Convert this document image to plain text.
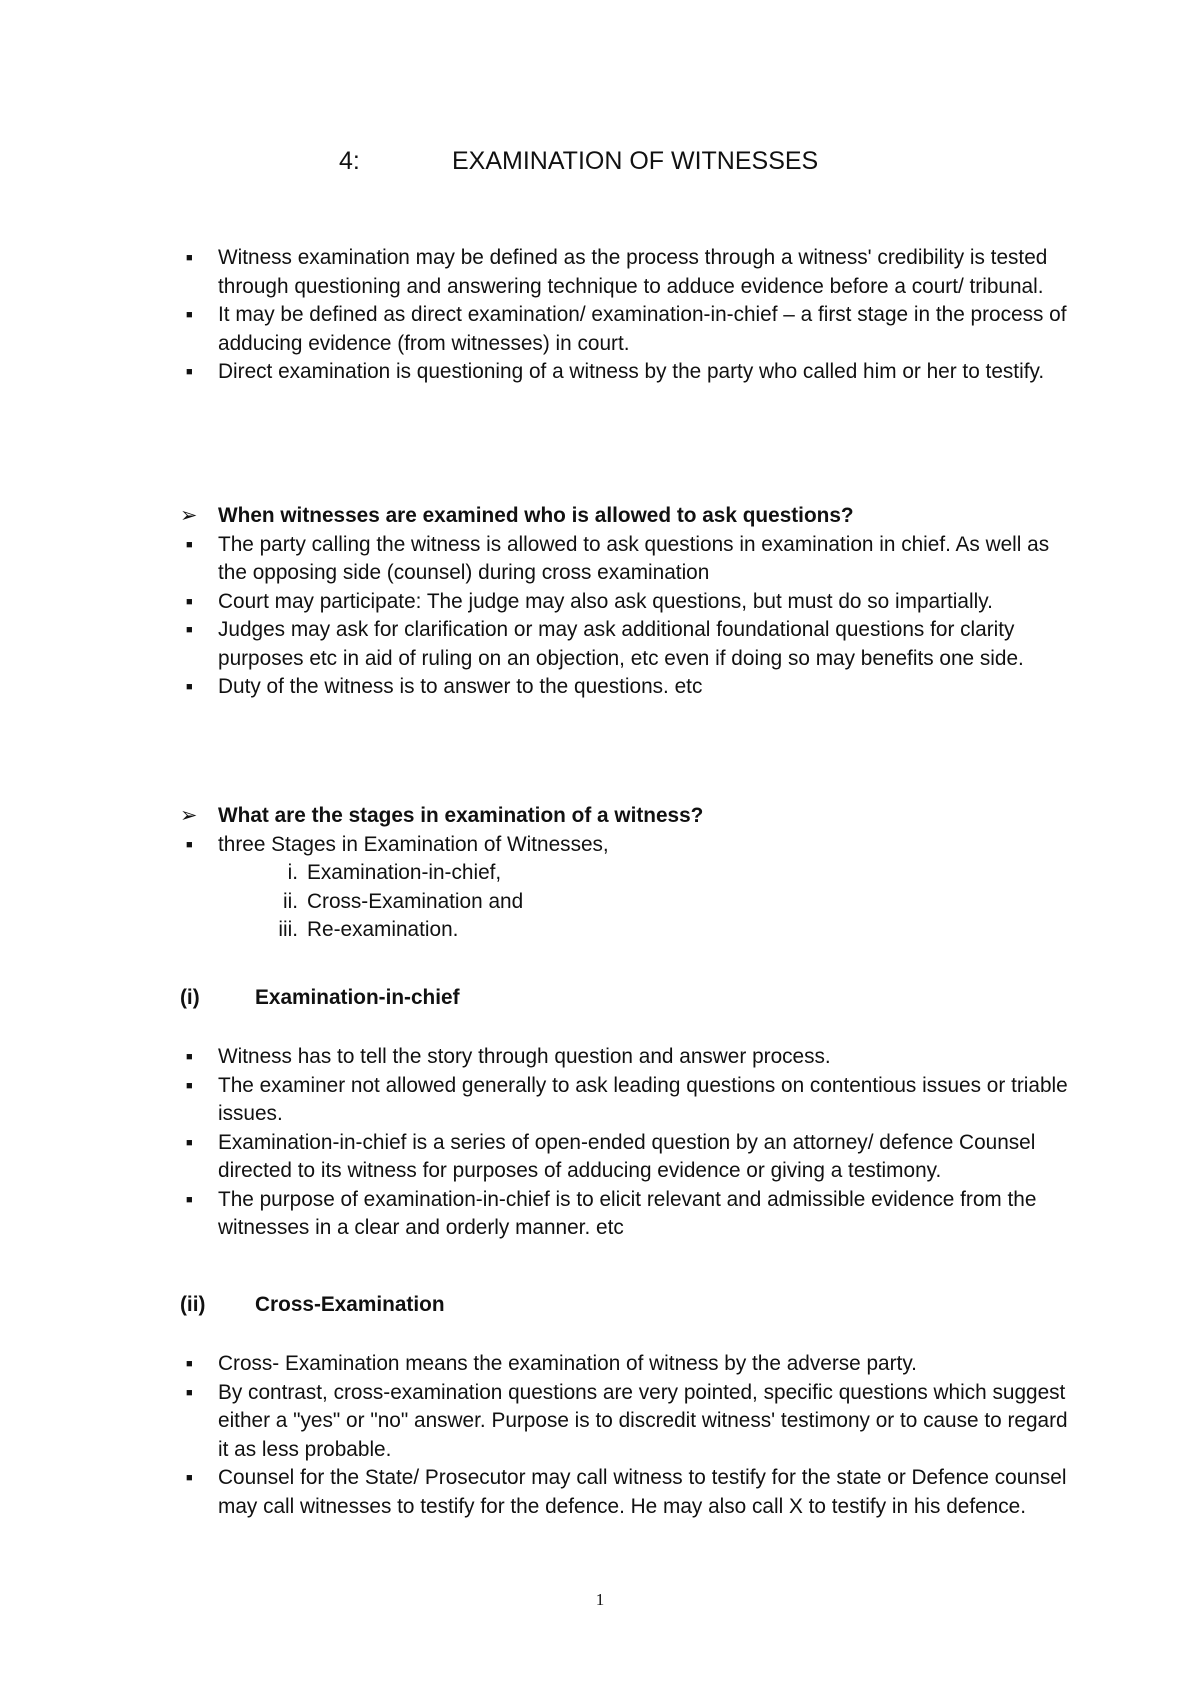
4:	EXAMINATION OF WITNESSES
■ Witness examination may be defined as the process through a witness' credibility is tested through questioning and answering technique to adduce evidence before a court/ tribunal.
■ It may be defined as direct examination/ examination-in-chief – a first stage in the process of adducing evidence (from witnesses) in court.
■ Direct examination is questioning of a witness by the party who called him or her to testify.
➢ When witnesses are examined who is allowed to ask questions?
■ The party calling the witness is allowed to ask questions in examination in chief. As well as the opposing side (counsel) during cross examination
■ Court may participate: The judge may also ask questions, but must do so impartially.
■ Judges may ask for clarification or may ask additional foundational questions for clarity purposes etc in aid of ruling on an objection, etc even if doing so may benefits one side.
■ Duty of the witness is to answer to the questions. etc
➢ What are the stages in examination of a witness?
■ three Stages in Examination of Witnesses,
i. Examination-in-chief,
ii. Cross-Examination and
iii. Re-examination.
(i)	Examination-in-chief
■ Witness has to tell the story through question and answer process.
■ The examiner not allowed generally to ask leading questions on contentious issues or triable issues.
■ Examination-in-chief is a series of open-ended question by an attorney/ defence Counsel directed to its witness for purposes of adducing evidence or giving a testimony.
■ The purpose of examination-in-chief is to elicit relevant and admissible evidence from the witnesses in a clear and orderly manner. etc
(ii) Cross-Examination
■ Cross- Examination means the examination of witness by the adverse party.
■ By contrast, cross-examination questions are very pointed, specific questions which suggest either a "yes" or "no" answer. Purpose is to discredit witness' testimony or to cause to regard it as less probable.
■ Counsel for the State/ Prosecutor may call witness to testify for the state or Defence counsel may call witnesses to testify for the defence. He may also call X to testify in his defence.
1
